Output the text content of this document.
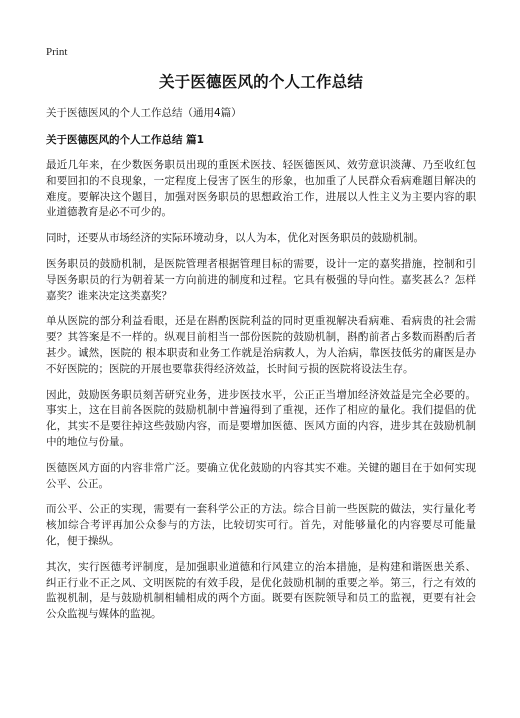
Print
关于医德医风的个人工作总结
关于医德医风的个人工作总结（通用4篇）
关于医德医风的个人工作总结 篇1
最近几年来，在少数医务职员出现的重医术医技、轻医德医风、效劳意识淡薄、乃至收红包和要回扣的不良现象，一定程度上侵害了医生的形象，也加重了人民群众看病难题目解决的难度。要解决这个题目，加强对医务职员的思想政治工作，进展以人性主义为主要内容的职业道德教育是必不可少的。
同时，还要从市场经济的实际环境动身，以人为本，优化对医务职员的鼓励机制。
医务职员的鼓励机制，是医院管理者根据管理目标的需要，设计一定的嘉奖措施，控制和引导医务职员的行为朝着某一方向前进的制度和过程。它具有极强的导向性。嘉奖甚么？怎样嘉奖？谁来决定这类嘉奖？
单从医院的部分利益看眼，还是在斟酌医院利益的同时更重视解决看病难、看病贵的社会需要？其答案是不一样的。纵观目前相当一部份医院的鼓励机制，斟酌前者占多数而斟酌后者甚少。诚然，医院的 根本职责和业务工作就是治病救人，为人治病，靠医技低劣的庸医是办不好医院的；医院的开展也要靠获得经济效益，长时间亏损的医院将设法生存。
因此，鼓励医务职员刻苦研究业务，进步医技水平，公正正当增加经济效益是完全必要的。事实上，这在目前各医院的鼓励机制中普遍得到了重视，还作了相应的量化。我们提倡的优化，其实不是要往掉这些鼓励内容，而是要增加医德、医风方面的内容，进步其在鼓励机制中的地位与份量。
医德医风方面的内容非常广泛。要确立优化鼓励的内容其实不难。关键的题目在于如何实现公平、公正。
而公平、公正的实现，需要有一套科学公正的方法。综合目前一些医院的做法，实行量化考核加综合考评再加公众参与的方法，比较切实可行。首先，对能够量化的内容要尽可能量化，便于操纵。
其次，实行医德考评制度，是加强职业道德和行风建立的治本措施，是构建和谐医患关系、纠正行业不正之风、文明医院的有效手段，是优化鼓励机制的重要之举。第三，行之有效的监视机制，是与鼓励机制相辅相成的两个方面。既要有医院领导和员工的监视，更要有社会公众监视与媒体的监视。
